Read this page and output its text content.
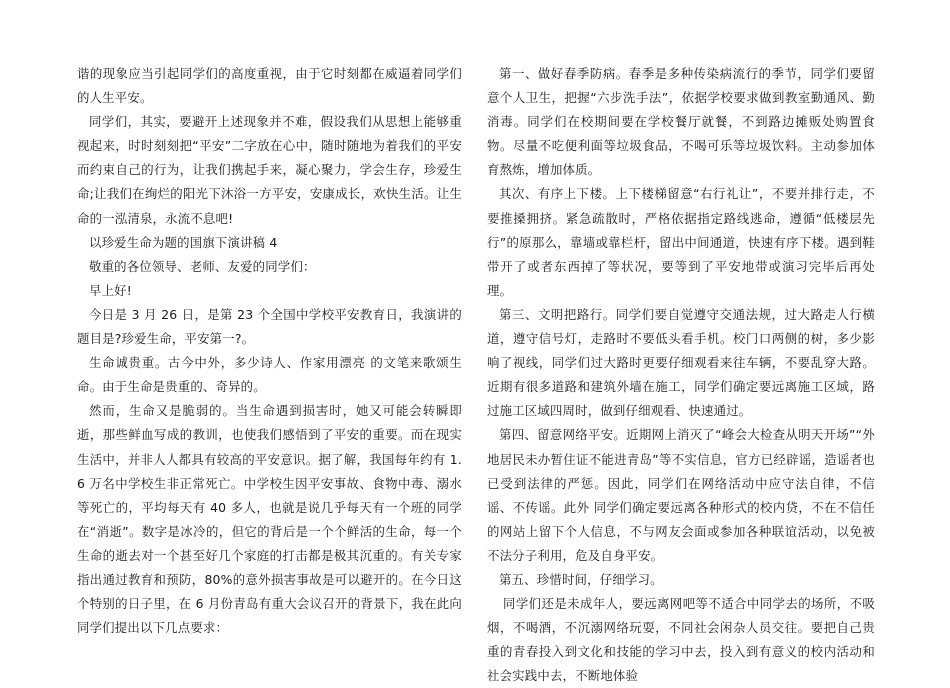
谐的现象应当引起同学们的高度重视，由于它时刻都在威逼着同学们的人生平安。

同学们，其实，要避开上述现象并不难，假设我们从思想上能够重视起来，时时刻刻把“平安”二字放在心中，随时随地为着我们的平安而约束自己的行为，让我们携起手来，凝心聚力，学会生存，珍爱生命;让我们在绚烂的阳光下沐浴一方平安，安康成长，欢快生活。让生命的一泓清泉，永流不息吧!

以珍爱生命为题的国旗下演讲稿 4

敬重的各位领导、老师、友爱的同学们：

早上好!

今日是 3 月 26 日，是第 23 个全国中学校平安教育日，我演讲的题目是?珍爱生命，平安第一?。

生命诚贵重。古今中外，多少诗人、作家用漂亮 的文笔来歌颂生命。由于生命是贵重的、奇异的。

然而，生命又是脆弱的。当生命遇到损害时，她又可能会转瞬即逝，那些鲜血写成的教训，也使我们感悟到了平安的重要。而在现实生活中，并非人人都具有较高的平安意识。据了解，我国每年约有 1.6 万名中学校生非正常死亡。中学校生因平安事故、食物中毒、溺水等死亡的，平均每天有 40 多人，也就是说几乎每天有一个班的同学在“消逝”。数字是冰冷的，但它的背后是一个个鲜活的生命，每一个生命的逝去对一个甚至好几个家庭的打击都是极其沉重的。有关专家指出通过教育和预防，80%的意外损害事故是可以避开的。在今日这个特别的日子里，在 6 月份青岛有重大会议召开的背景下，我在此向同学们提出以下几点要求：

第一、做好春季防病。春季是多种传染病流行的季节，同学们要留意个人卫生，把握“六步洗手法”，依据学校要求做到教室勤通风、勤消毒。同学们在校期间要在学校餐厅就餐，不到路边摊贩处购置食物。尽量不吃便利面等垃圾食品，不喝可乐等垃圾饮料。主动参加体育熬炼，增加体质。

其次、有序上下楼。上下楼梯留意“右行礼让”，不要并排行走，不要推搡拥挤。紧急疏散时，严格依据指定路线逃命，遵循“低楼层先行”的原那么，靠墙或靠栏杆，留出中间通道，快速有序下楼。遇到鞋带开了或者东西掉了等状况，要等到了平安地带或演习完毕后再处理。

第三、文明把路行。同学们要自觉遵守交通法规，过大路走人行横道，遵守信号灯，走路时不要低头看手机。校门口两侧的树，多少影响了视线，同学们过大路时更要仔细观看来往车辆，不要乱穿大路。近期有很多道路和建筑外墙在施工，同学们确定要远离施工区域，路过施工区域四周时，做到仔细观看、快速通过。

第四、留意网络平安。近期网上消灭了“峰会大检查从明天开场”“外地居民未办暂住证不能进青岛”等不实信息，官方已经辟谣，造谣者也已受到法律的严惩。因此，同学们在网络活动中应守法自律，不信谣、不传谣。此外 同学们确定要远离各种形式的校内贷，不在不信任的网站上留下个人信息，不与网友会面或参加各种联谊活动，以免被不法分子利用，危及自身平安。

第五、珍惜时间，仔细学习。

同学们还是未成年人，要远离网吧等不适合中同学去的场所，不吸烟，不喝酒，不沉溺网络玩耍，不同社会闲杂人员交往。要把自己贵重的青春投入到文化和技能的学习中去，投入到有意义的校内活动和社会实践中去，不断地体验
